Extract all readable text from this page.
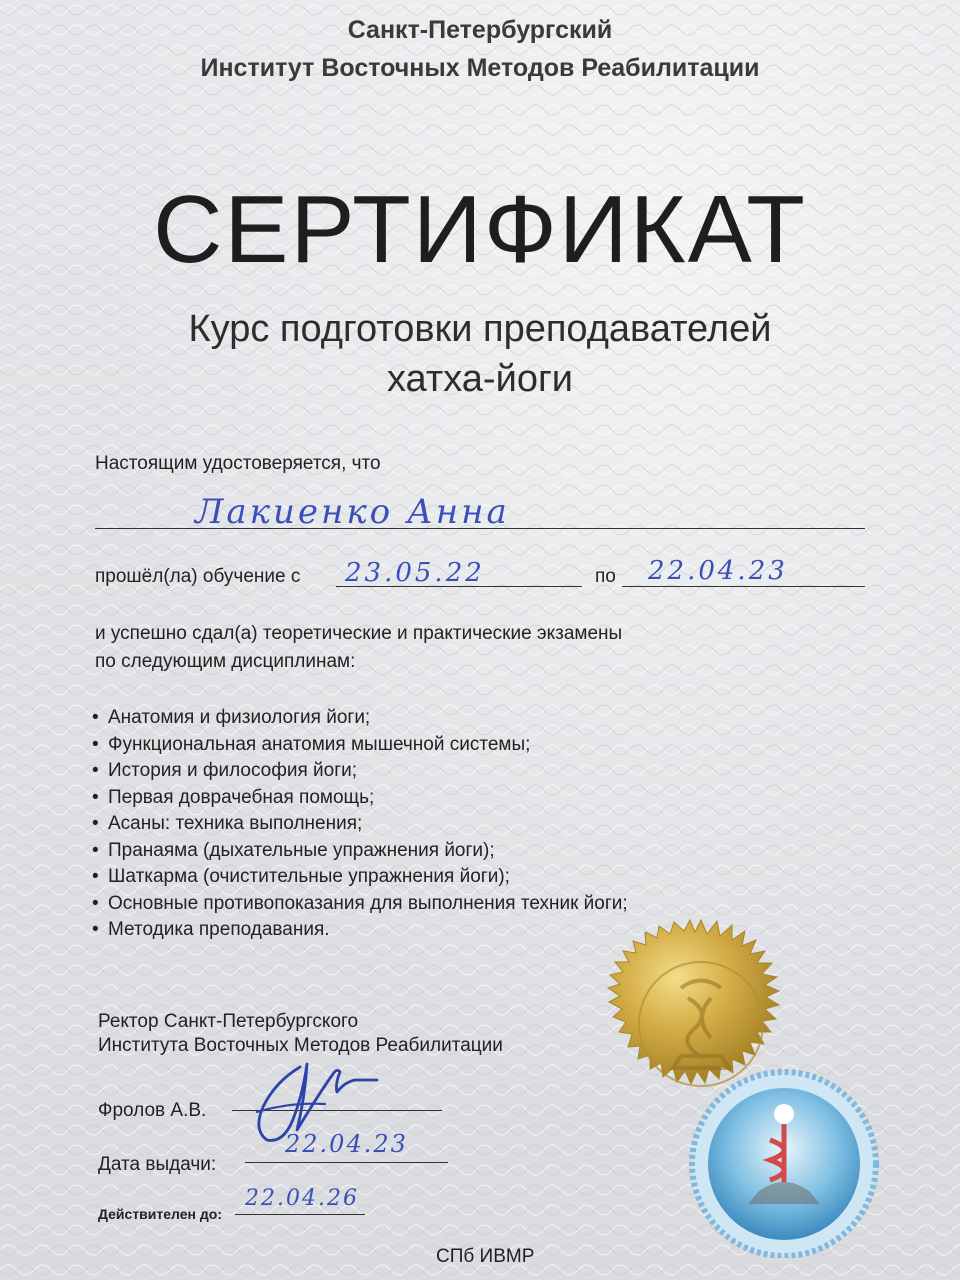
Санкт-Петербургский
Институт Восточных Методов Реабилитации
СЕРТИФИКАТ
Курс подготовки преподавателей
хатха-йоги
Настоящим удостоверяется, что
Лакиенко Анна
прошёл(ла) обучение с 23.05.22	по 22.04.23
и успешно сдал(а) теоретические и практические экзамены
по следующим дисциплинам:
• Анатомия и физиология йоги;
• Функциональная анатомия мышечной системы;
• История и философия йоги;
• Первая доврачебная помощь;
• Асаны: техника выполнения;
• Пранаяма (дыхательные упражнения йоги);
• Шаткарма (очистительные упражнения йоги);
• Основные противопоказания для выполнения техник йоги;
• Методика преподавания.
Ректор Санкт-Петербургского
Института Восточных Методов Реабилитации
Фролов А.В.
Дата выдачи:
22.04.23
Действителен до:
22.04.26
СПб ИВМР
